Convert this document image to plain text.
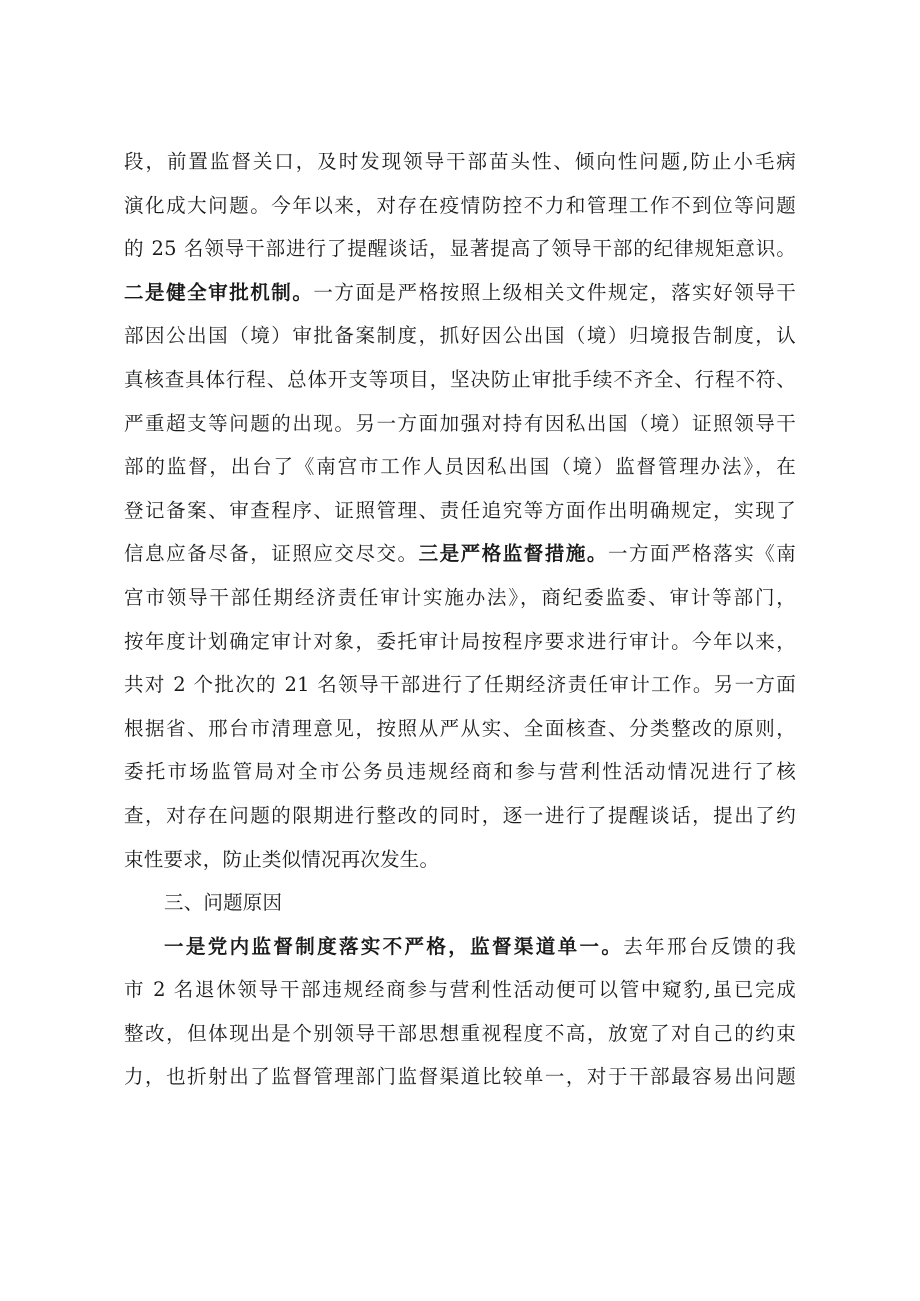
段，前置监督关口，及时发现领导干部苗头性、倾向性问题,防止小毛病
演化成大问题。今年以来，对存在疫情防控不力和管理工作不到位等问题
的 25 名领导干部进行了提醒谈话，显著提高了领导干部的纪律规矩意识。
二是健全审批机制。一方面是严格按照上级相关文件规定，落实好领导干
部因公出国（境）审批备案制度，抓好因公出国（境）归境报告制度，认
真核查具体行程、总体开支等项目，坚决防止审批手续不齐全、行程不符、
严重超支等问题的出现。另一方面加强对持有因私出国（境）证照领导干
部的监督，出台了《南宫市工作人员因私出国（境）监督管理办法》，在
登记备案、审查程序、证照管理、责任追究等方面作出明确规定，实现了
信息应备尽备，证照应交尽交。三是严格监督措施。一方面严格落实《南
宫市领导干部任期经济责任审计实施办法》，商纪委监委、审计等部门，
按年度计划确定审计对象，委托审计局按程序要求进行审计。今年以来，
共对 2 个批次的 21 名领导干部进行了任期经济责任审计工作。另一方面
根据省、邢台市清理意见，按照从严从实、全面核查、分类整改的原则，
委托市场监管局对全市公务员违规经商和参与营利性活动情况进行了核
查，对存在问题的限期进行整改的同时，逐一进行了提醒谈话，提出了约
束性要求，防止类似情况再次发生。
三、问题原因
一是党内监督制度落实不严格，监督渠道单一。去年邢台反馈的我
市 2 名退休领导干部违规经商参与营利性活动便可以管中窥豹,虽已完成
整改，但体现出是个别领导干部思想重视程度不高，放宽了对自己的约束
力，也折射出了监督管理部门监督渠道比较单一，对于干部最容易出问题
